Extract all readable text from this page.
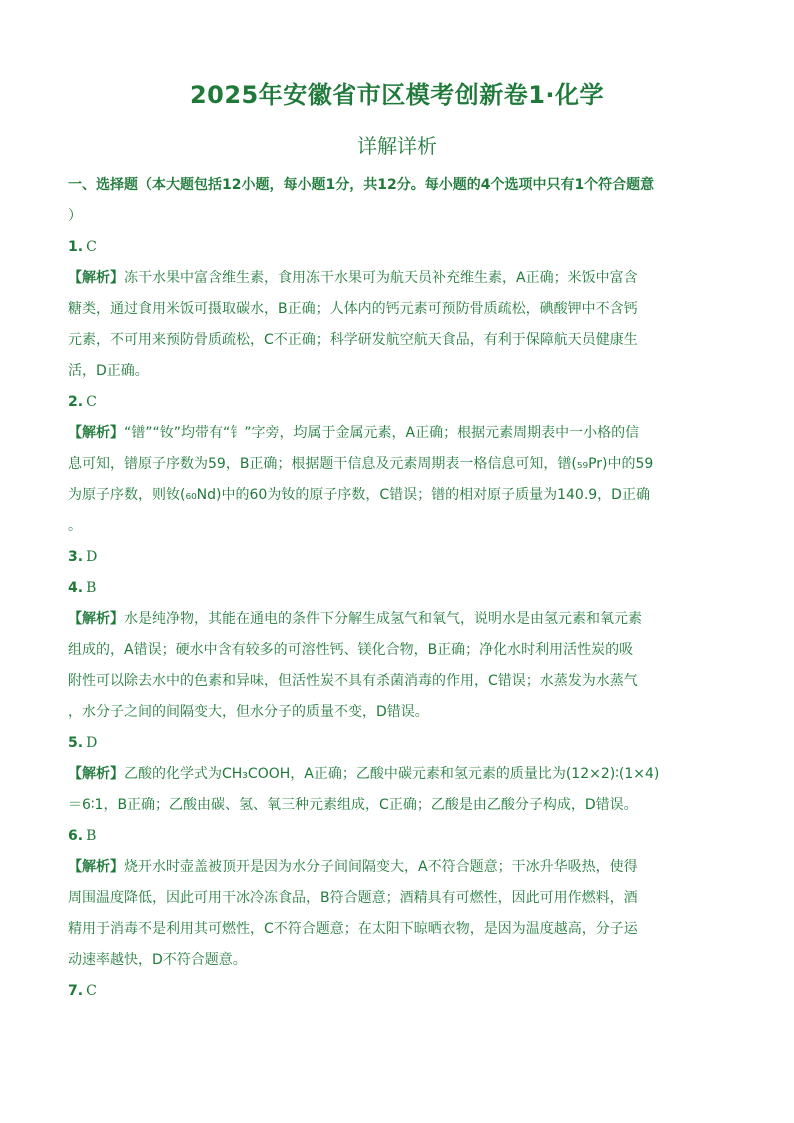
2025年安徽省市区模考创新卷1·化学
详解详析
一、选择题（本大题包括12小题，每小题1分，共12分。每小题的4个选项中只有1个符合题意
）
1. C
【解析】冻干水果中富含维生素，食用冻干水果可为航天员补充维生素，A正确；米饭中富含
糖类，通过食用米饭可摄取碳水，B正确；人体内的钙元素可预防骨质疏松，碘酸钾中不含钙
元素，不可用来预防骨质疏松，C不正确；科学研发航空航天食品，有利于保障航天员健康生
活，D正确。
2. C
【解析】“镨”“钕”均带有“钅”字旁，均属于金属元素，A正确；根据元素周期表中一小格的信
息可知，镨原子序数为59，B正确；根据题干信息及元素周期表一格信息可知，镨(₅₉Pr)中的59
为原子序数，则钕(₆₀Nd)中的60为钕的原子序数，C错误；镨的相对原子质量为140.9，D正确
。
3. D
4. B
【解析】水是纯净物，其能在通电的条件下分解生成氢气和氧气，说明水是由氢元素和氧元素
组成的，A错误；硬水中含有较多的可溶性钙、镁化合物，B正确；净化水时利用活性炭的吸
附性可以除去水中的色素和异味，但活性炭不具有杀菌消毒的作用，C错误；水蒸发为水蒸气
，水分子之间的间隔变大，但水分子的质量不变，D错误。
5. D
【解析】乙酸的化学式为CH₃COOH，A正确；乙酸中碳元素和氢元素的质量比为(12×2)∶(1×4)
＝6∶1，B正确；乙酸由碳、氢、氧三种元素组成，C正确；乙酸是由乙酸分子构成，D错误。
6. B
【解析】烧开水时壶盖被顶开是因为水分子间间隔变大，A不符合题意；干冰升华吸热，使得
周围温度降低，因此可用干冰冷冻食品，B符合题意；酒精具有可燃性，因此可用作燃料，酒
精用于消毒不是利用其可燃性，C不符合题意；在太阳下晾晒衣物，是因为温度越高，分子运
动速率越快，D不符合题意。
7. C
